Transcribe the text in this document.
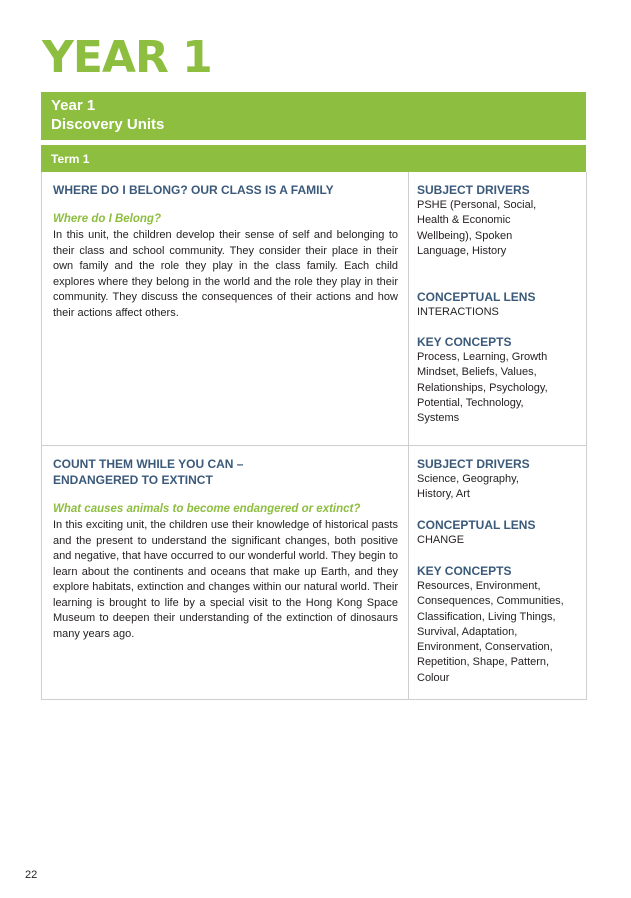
YEAR 1
Year 1
Discovery Units
Term 1

WHERE DO I BELONG? OUR CLASS IS A FAMILY

Where do I Belong?

In this unit, the children develop their sense of self and belonging to their class and school community. They consider their place in their own family and the role they play in the class family. Each child explores where they belong in the world and the role they play in their community. They discuss the consequences of their actions and how their actions affect others.

SUBJECT DRIVERS

PSHE (Personal, Social, Health & Economic Wellbeing), Spoken Language, History

CONCEPTUAL LENS

INTERACTIONS

KEY CONCEPTS

Process, Learning, Growth Mindset, Beliefs, Values, Relationships, Psychology, Potential, Technology, Systems

COUNT THEM WHILE YOU CAN –
ENDANGERED TO EXTINCT

What causes animals to become endangered or extinct?

In this exciting unit, the children use their knowledge of historical pasts and the present to understand the significant changes, both positive and negative, that have occurred to our wonderful world. They begin to learn about the continents and oceans that make up Earth, and they explore habitats, extinction and changes within our natural world. Their learning is brought to life by a special visit to the Hong Kong Space Museum to deepen their understanding of the extinction of dinosaurs many years ago.

SUBJECT DRIVERS

Science, Geography, History, Art

CONCEPTUAL LENS

CHANGE

KEY CONCEPTS

Resources, Environment, Consequences, Communities, Classification, Living Things, Survival, Adaptation, Environment, Conservation, Repetition, Shape, Pattern, Colour

22
